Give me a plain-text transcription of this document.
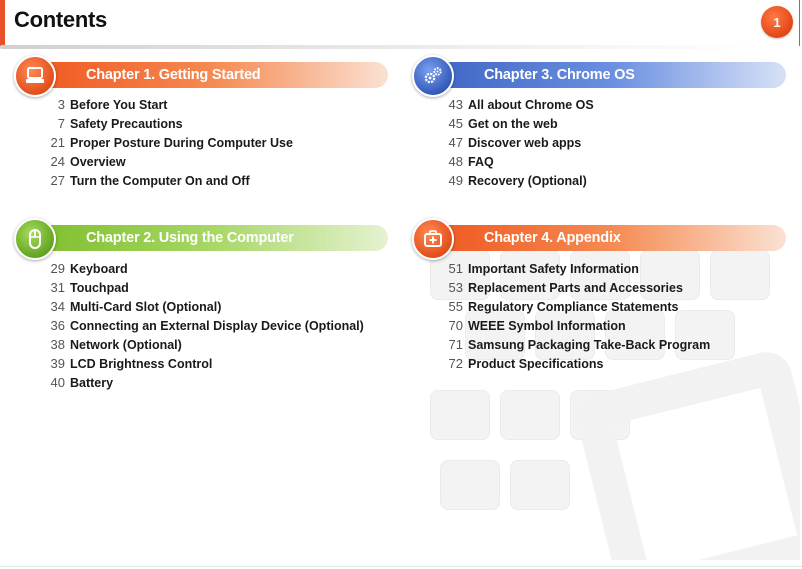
Contents	1
Chapter 1. Getting Started
3 Before You Start
7 Safety Precautions
21 Proper Posture During Computer Use
24 Overview
27 Turn the Computer On and Off
Chapter 2. Using the Computer
29 Keyboard
31 Touchpad
34 Multi-Card Slot (Optional)
36 Connecting an External Display Device (Optional)
38 Network (Optional)
39 LCD Brightness Control
40 Battery
Chapter 3. Chrome OS
43 All about Chrome OS
45 Get on the web
47 Discover web apps
48 FAQ
49 Recovery (Optional)
Chapter 4. Appendix
51 Important Safety Information
53 Replacement Parts and Accessories
55 Regulatory Compliance Statements
70 WEEE Symbol Information
71 Samsung Packaging Take-Back Program
72 Product Specifications
